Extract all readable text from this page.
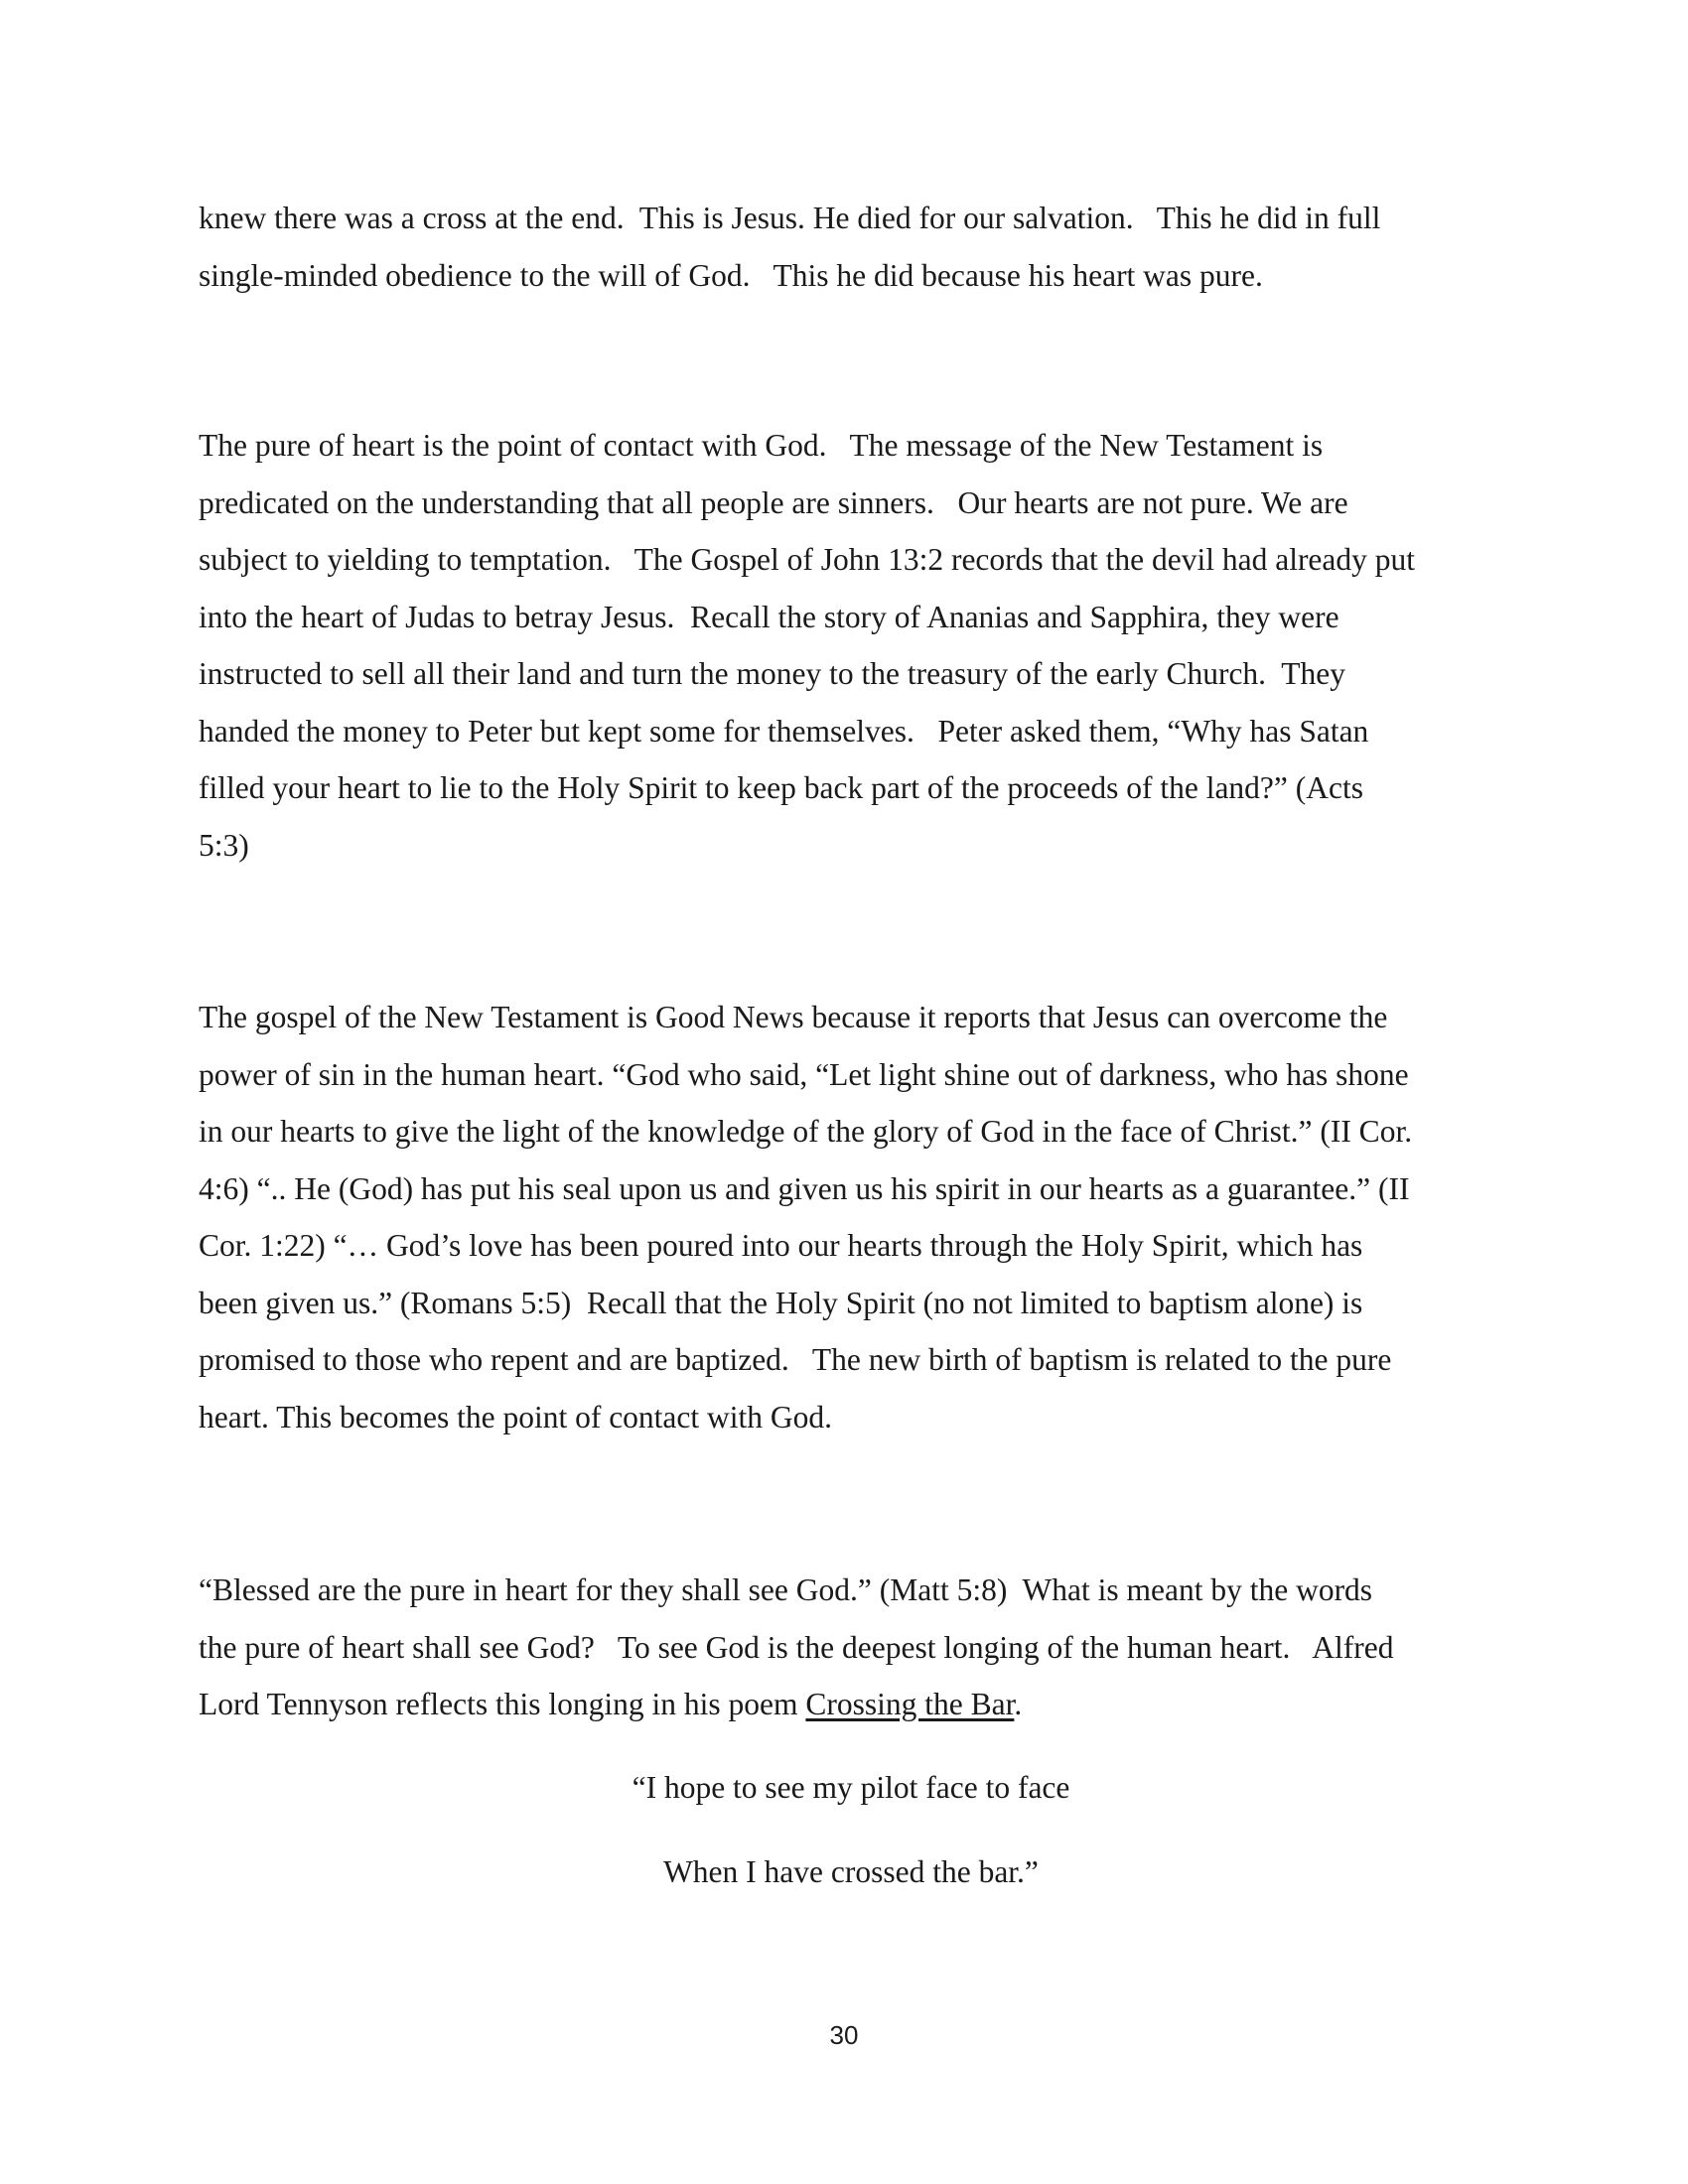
knew there was a cross at the end.  This is Jesus. He died for our salvation.   This he did in full
single-minded obedience to the will of God.   This he did because his heart was pure.
The pure of heart is the point of contact with God.   The message of the New Testament is
predicated on the understanding that all people are sinners.   Our hearts are not pure. We are
subject to yielding to temptation.   The Gospel of John 13:2 records that the devil had already put
into the heart of Judas to betray Jesus.  Recall the story of Ananias and Sapphira, they were
instructed to sell all their land and turn the money to the treasury of the early Church.  They
handed the money to Peter but kept some for themselves.   Peter asked them, “Why has Satan
filled your heart to lie to the Holy Spirit to keep back part of the proceeds of the land?” (Acts
5:3)
The gospel of the New Testament is Good News because it reports that Jesus can overcome the
power of sin in the human heart. “God who said, “Let light shine out of darkness, who has shone
in our hearts to give the light of the knowledge of the glory of God in the face of Christ.” (II Cor.
4:6) “.. He (God) has put his seal upon us and given us his spirit in our hearts as a guarantee.” (II
Cor. 1:22) “… God’s love has been poured into our hearts through the Holy Spirit, which has
been given us.” (Romans 5:5)  Recall that the Holy Spirit (no not limited to baptism alone) is
promised to those who repent and are baptized.   The new birth of baptism is related to the pure
heart. This becomes the point of contact with God.
“Blessed are the pure in heart for they shall see God.” (Matt 5:8)  What is meant by the words
the pure of heart shall see God?   To see God is the deepest longing of the human heart.   Alfred
Lord Tennyson reflects this longing in his poem Crossing the Bar.
“I hope to see my pilot face to face
When I have crossed the bar.”
30
